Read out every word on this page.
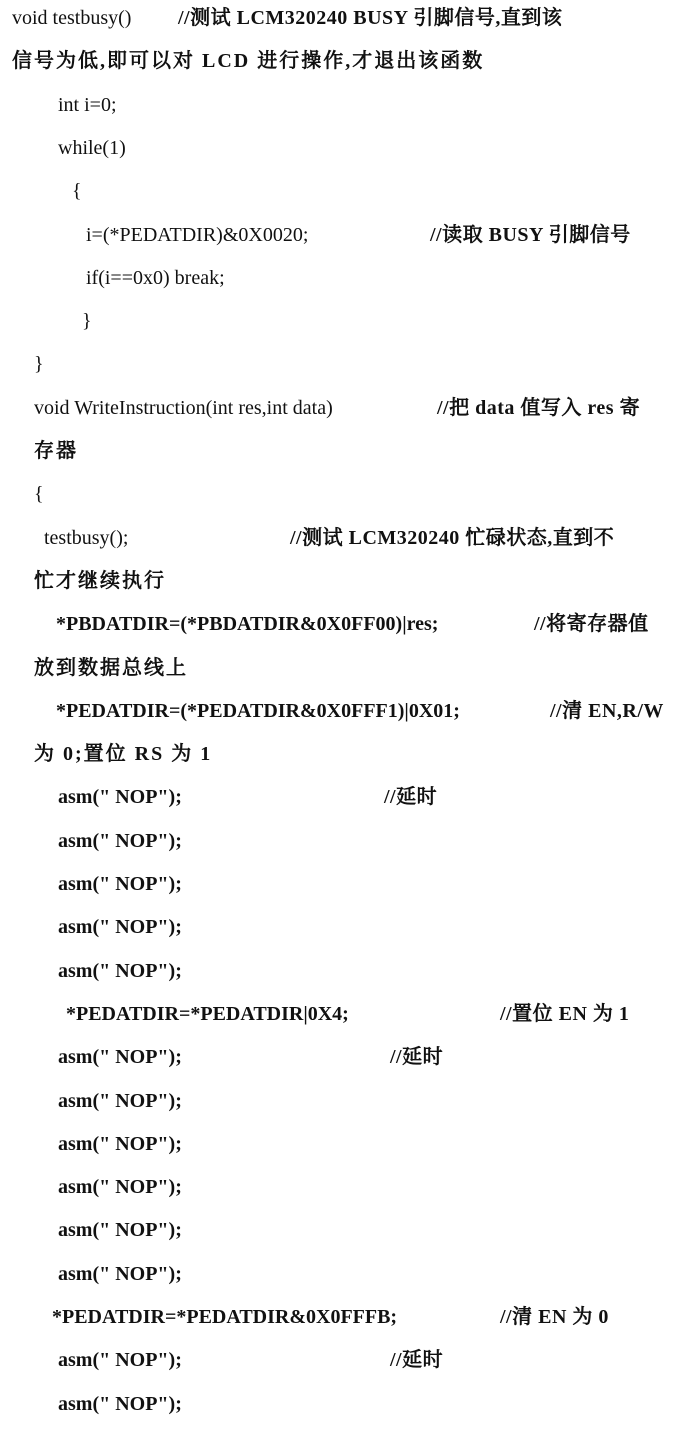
void testbusy() //测试 LCM320240 BUSY 引脚信号,直到该
信号为低,即可以对 LCD 进行操作,才退出该函数
int i=0;
while(1)
{
i=(*PEDATDIR)&0X0020;	//读取 BUSY 引脚信号
if(i==0x0) break;
}
}
void WriteInstruction(int res,int data)	//把 data 值写入 res 寄
存器
{
testbusy();	//测试 LCM320240 忙碌状态,直到不
忙才继续执行
*PBDATDIR=(*PBDATDIR&0X0FF00)|res;	//将寄存器值
放到数据总线上
*PEDATDIR=(*PEDATDIR&0X0FFF1)|0X01;	//清 EN,R/W
为 0;置位 RS 为 1
asm(" NOP");	//延时
asm(" NOP");
asm(" NOP");
asm(" NOP");
asm(" NOP");
*PEDATDIR=*PEDATDIR|0X4;	//置位 EN 为 1
asm(" NOP");	//延时
asm(" NOP");
asm(" NOP");
asm(" NOP");
asm(" NOP");
asm(" NOP");
*PEDATDIR=*PEDATDIR&0X0FFFB;	//清 EN 为 0
asm(" NOP");	//延时
asm(" NOP");
